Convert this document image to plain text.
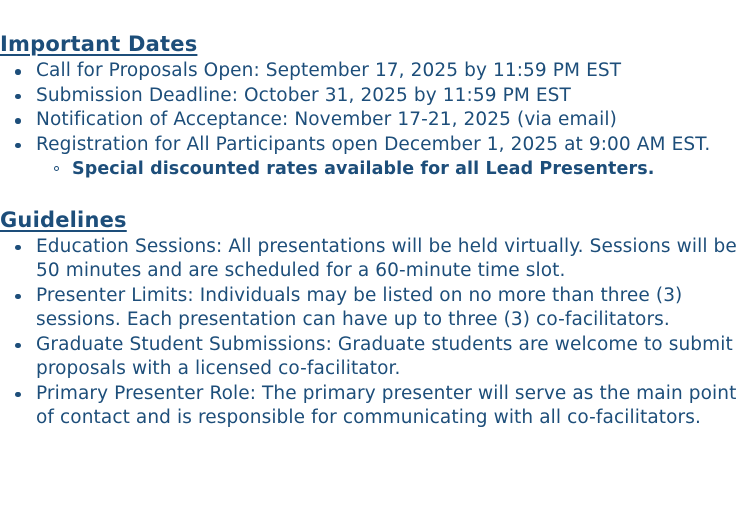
Important Dates
Call for Proposals Open: September 17, 2025 by 11:59 PM EST
Submission Deadline: October 31, 2025 by 11:59 PM EST
Notification of Acceptance: November 17-21, 2025 (via email)
Registration for All Participants open December 1, 2025 at 9:00 AM EST.
Special discounted rates available for all Lead Presenters.
Guidelines
Education Sessions: All presentations will be held virtually. Sessions will be 50 minutes and are scheduled for a 60-minute time slot.
Presenter Limits: Individuals may be listed on no more than three (3) sessions. Each presentation can have up to three (3) co-facilitators.
Graduate Student Submissions: Graduate students are welcome to submit proposals with a licensed co-facilitator.
Primary Presenter Role: The primary presenter will serve as the main point of contact and is responsible for communicating with all co-facilitators.
